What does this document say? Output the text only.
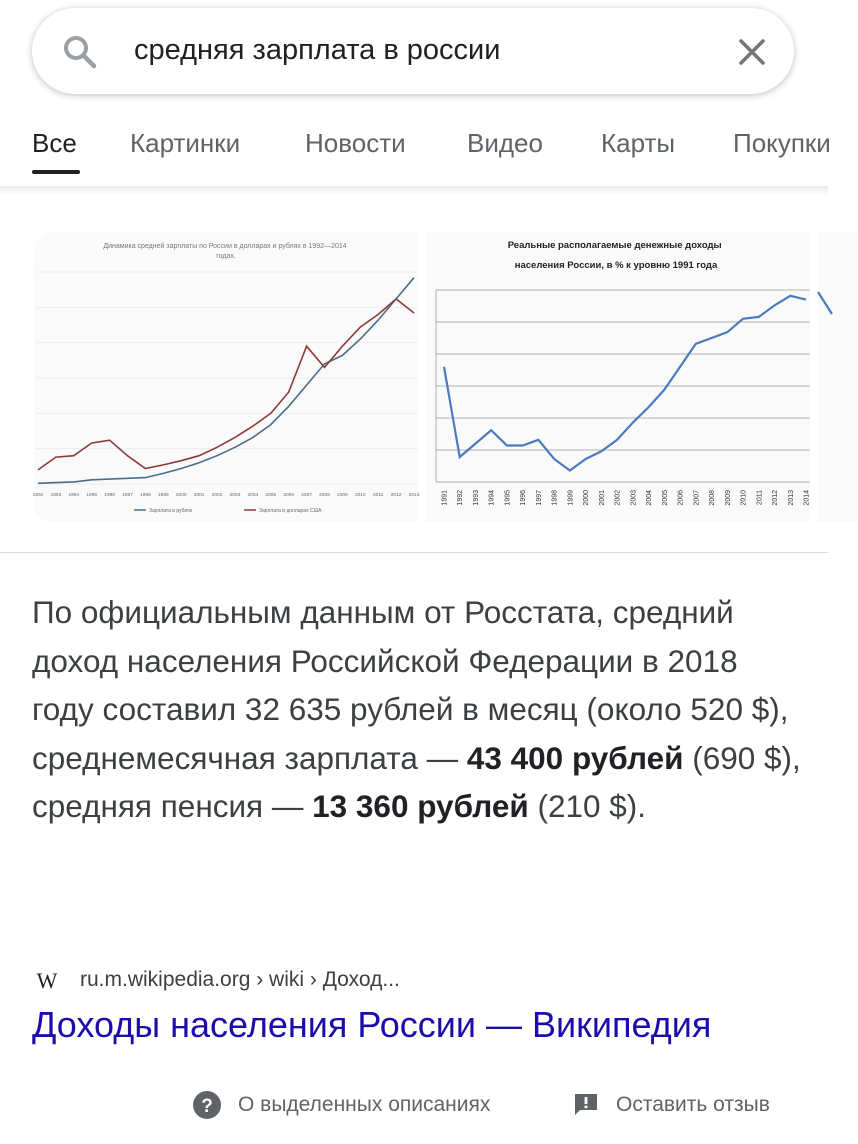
средняя зарплата в россии
Все Картинки Новости Видео Карты Покупки
Динамика средней зарплаты по России в долларах и рублях в 1992—2014 годах.
1992 1993 1994 1995 1996 1997 1998 1999 2000 2001 2002 2003 2004 2005 2006 2007 2008 2009 2010 2011 2012 2013
Зарплата в рублях	Зарплата в долларах США
Реальные располагаемые денежные доходы населения России, в % к уровню 1991 года
1991 1992 1993 1994 1995 1996 1997 1998 1999 2000 2001 2002 2003 2004 2005 2006 2007 2008 2009 2010 2011 2012 2013 2014
По официальным данным от Росстата, средний доход населения Российской Федерации в 2018 году составил 32 635 рублей в месяц (около 520 $), среднемесячная зарплата — 43 400 рублей (690 $), средняя пенсия — 13 360 рублей (210 $).
W ru.m.wikipedia.org › wiki › Доход...
Доходы населения России — Википедия
? О выделенных описаниях	Оставить отзыв
